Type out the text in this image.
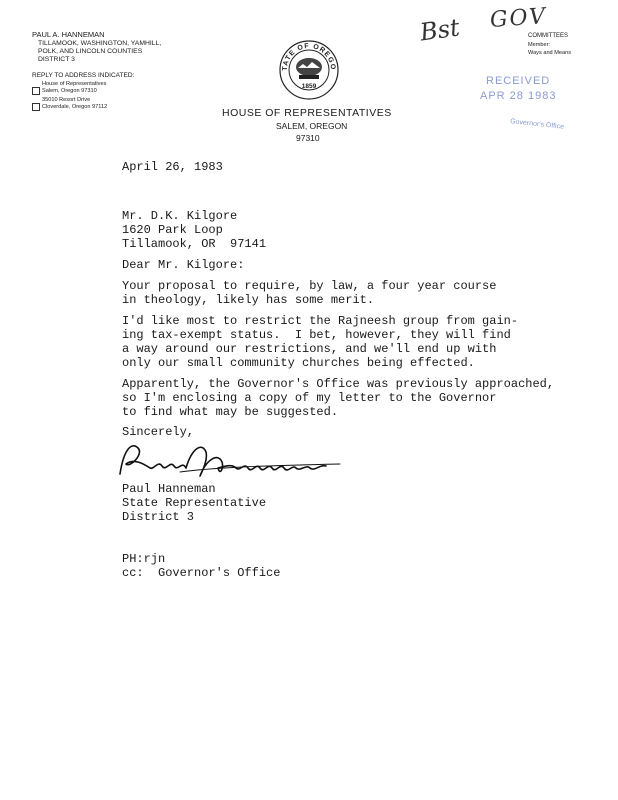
PAUL A. HANNEMAN
TILLAMOOK, WASHINGTON, YAMHILL,
POLK, AND LINCOLN COUNTIES
DISTRICT 3
REPLY TO ADDRESS INDICATED:
House of Representatives
Salem, Oregon 97310
35010 Resort Drive
Cloverdale, Oregon 97112
TATE OF OREGO
1859
HOUSE OF REPRESENTATIVES
SALEM, OREGON
97310
Bst GOV
COMMITTEES
Member:
Ways and Means
RECEIVED
APR 28 1983
Governor's Office
April 26, 1983
Mr. D.K. Kilgore
1620 Park Loop
Tillamook, OR  97141
Dear Mr. Kilgore:
Your proposal to require, by law, a four year course
in theology, likely has some merit.
I'd like most to restrict the Rajneesh group from gain-
ing tax-exempt status.  I bet, however, they will find
a way around our restrictions, and we'll end up with
only our small community churches being effected.
Apparently, the Governor's Office was previously approached,
so I'm enclosing a copy of my letter to the Governor
to find what may be suggested.
Sincerely,
Paul Hanneman
State Representative
District 3
PH:rjn
cc:  Governor's Office
